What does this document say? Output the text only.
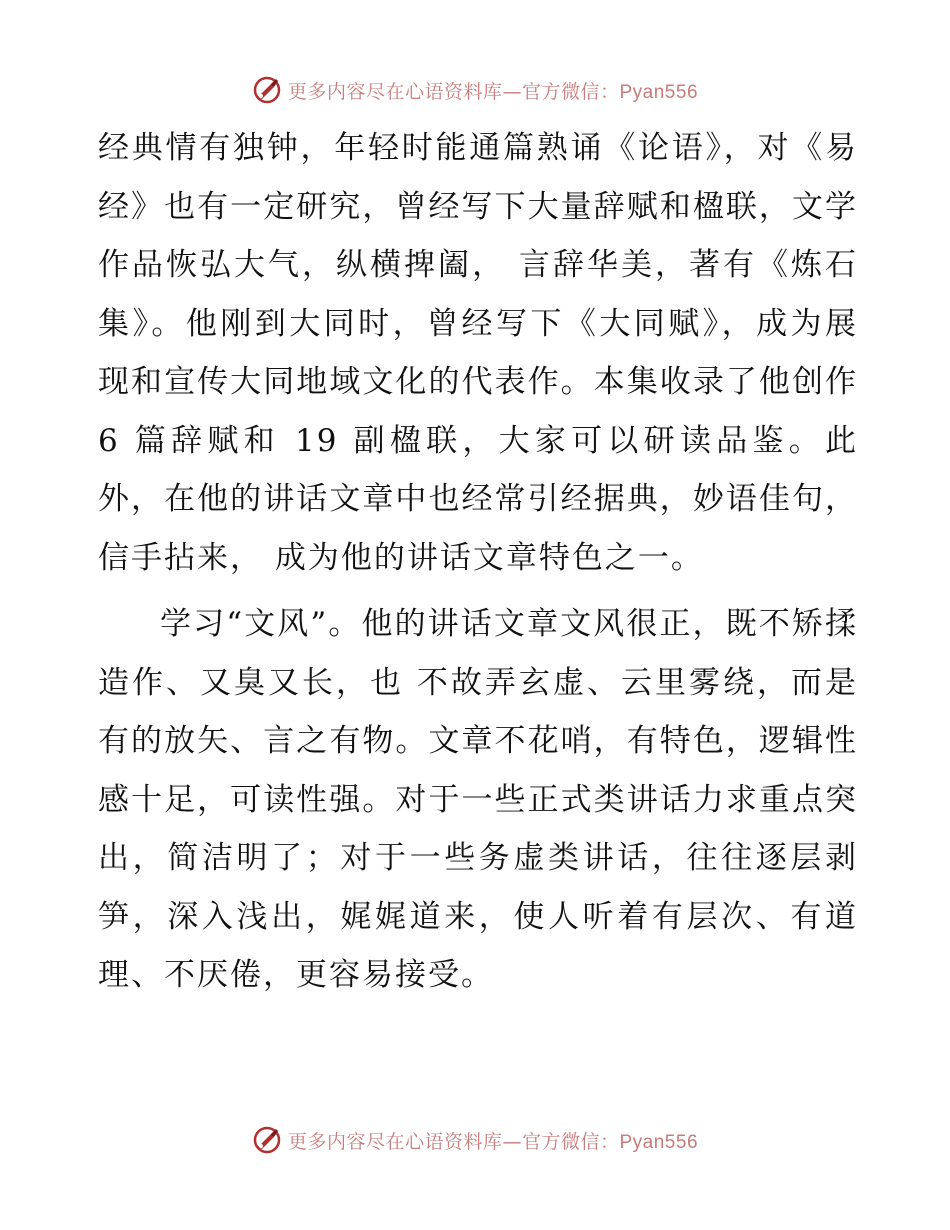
更多内容尽在心语资料库—官方微信：Pyan556

经典情有独钟，年轻时能通篇熟诵《论语》，对《易经》也有一定研究，曾经写下大量辞赋和楹联，文学作品恢弘大气，纵横捭阖， 言辞华美，著有《炼石集》。他刚到大同时，曾经写下《大同赋》，成为展现和宣传大同地域文化的代表作。本集收录了他创作 6 篇辞赋和 19 副楹联，大家可以研读品鉴。此外，在他的讲话文章中也经常引经据典，妙语佳句，信手拈来， 成为他的讲话文章特色之一。

学习“文风”。他的讲话文章文风很正，既不矫揉造作、又臭又长，也 不故弄玄虚、云里雾绕，而是有的放矢、言之有物。文章不花哨，有特色，逻辑性感十足，可读性强。对于一些正式类讲话力求重点突出，简洁明了；对于一些务虚类讲话，往往逐层剥笋，深入浅出，娓娓道来，使人听着有层次、有道理、不厌倦，更容易接受。

更多内容尽在心语资料库—官方微信：Pyan556
